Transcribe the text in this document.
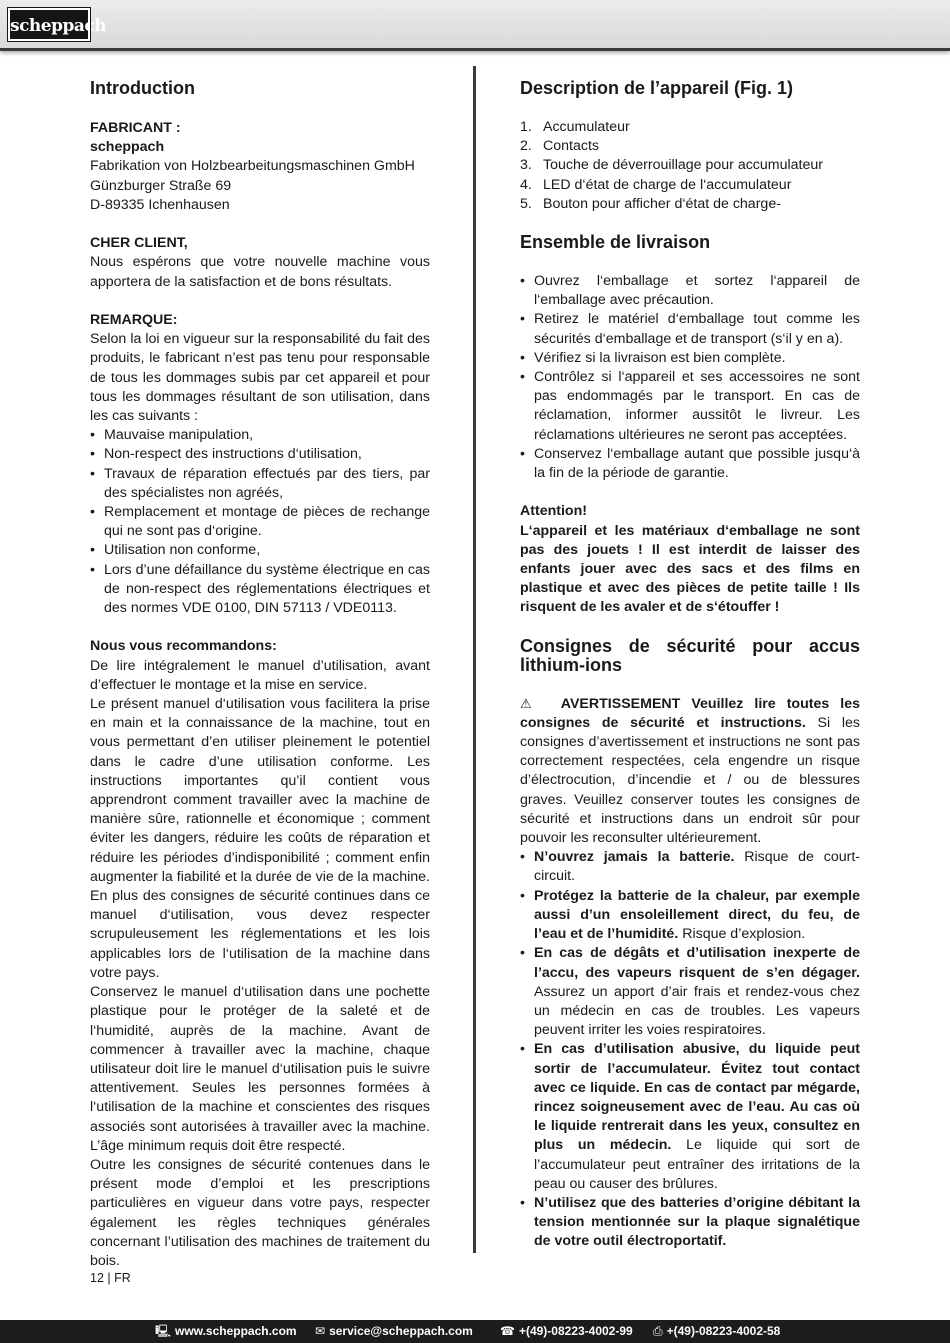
scheppach
Introduction

FABRICANT :

scheppach

Fabrikation von Holzbearbeitungsmaschinen GmbH

Günzburger Straße 69

D-89335 Ichenhausen

CHER CLIENT,

Nous espérons que votre nouvelle machine vous apportera de la satisfaction et de bons résultats.

REMARQUE:

Selon la loi en vigueur sur la responsabilité du fait des produits, le fabricant n’est pas tenu pour responsable de tous les dommages subis par cet appareil et pour tous les dommages résultant de son utilisation, dans les cas suivants :

• Mauvaise manipulation,
• Non-respect des instructions d‘utilisation,
• Travaux de réparation effectués par des tiers, par des spécialistes non agréés,
• Remplacement et montage de pièces de rechange qui ne sont pas d‘origine.
• Utilisation non conforme,
• Lors d’une défaillance du système électrique en cas de non-respect des réglementations électriques et des normes VDE 0100, DIN 57113 / VDE0113.

Nous vous recommandons:

De lire intégralement le manuel d’utilisation, avant d’effectuer le montage et la mise en service.

Le présent manuel d‘utilisation vous facilitera la prise en main et la connaissance de la machine, tout en vous permettant d’en utiliser pleinement le potentiel dans le cadre d’une utilisation conforme. Les instructions importantes qu’il contient vous apprendront comment travailler avec la machine de manière sûre, rationnelle et économique ; comment éviter les dangers, réduire les coûts de réparation et réduire les périodes d’indisponibilité ; comment enfin augmenter la fiabilité et la durée de vie de la machine. En plus des consignes de sécurité continues dans ce manuel d‘utilisation, vous devez respecter scrupuleusement les réglementations et les lois applicables lors de l‘utilisation de la machine dans votre pays.

Conservez le manuel d‘utilisation dans une pochette plastique pour le protéger de la saleté et de l‘humidité, auprès de la machine. Avant de commencer à travailler avec la machine, chaque utilisateur doit lire le manuel d‘utilisation puis le suivre attentivement. Seules les personnes formées à l‘utilisation de la machine et conscientes des risques associés sont autorisées à travailler avec la machine. L’âge minimum requis doit être respecté.

Outre les consignes de sécurité contenues dans le présent mode d’emploi et les prescriptions particulières en vigueur dans votre pays, respecter également les règles techniques générales concernant l’utilisation des machines de traitement du bois.

Description de l’appareil (Fig. 1)
1. Accumulateur
2. Contacts
3. Touche de déverrouillage pour accumulateur
4. LED d‘état de charge de l‘accumulateur
5. Bouton pour afficher d‘état de charge-
Ensemble de livraison
• Ouvrez l‘emballage et sortez l‘appareil de l‘emballage avec précaution.
• Retirez le matériel d‘emballage tout comme les sécurités d‘emballage et de transport (s‘il y en a).
• Vérifiez si la livraison est bien complète.
• Contrôlez si l‘appareil et ses accessoires ne sont pas endommagés par le transport. En cas de réclamation, informer aussitôt le livreur. Les réclamations ultérieures ne seront pas acceptées.
• Conservez l‘emballage autant que possible jusqu‘à la fin de la période de garantie.

Attention!

L‘appareil et les matériaux d‘emballage ne sont pas des jouets ! Il est interdit de laisser des enfants jouer avec des sacs et des films en plastique et avec des pièces de petite taille ! Ils risquent de les avaler et de s‘étouffer !

Consignes de sécurité pour accus lithium-ions

⚠ AVERTISSEMENT Veuillez lire toutes les consignes de sécurité et instructions. Si les consignes d’avertissement et instructions ne sont pas correctement respectées, cela engendre un risque d’électrocution, d’incendie et / ou de blessures graves. Veuillez conserver toutes les consignes de sécurité et instructions dans un endroit sûr pour pouvoir les reconsulter ultérieurement.

• N’ouvrez jamais la batterie. Risque de court-circuit.
• Protégez la batterie de la chaleur, par exemple aussi d’un ensoleillement direct, du feu, de l’eau et de l’humidité. Risque d’explosion.
• En cas de dégâts et d’utilisation inexperte de l’accu, des vapeurs risquent de s’en dégager. Assurez un apport d’air frais et rendez-vous chez un médecin en cas de troubles. Les vapeurs peuvent irriter les voies respiratoires.
• En cas d’utilisation abusive, du liquide peut sortir de l’accumulateur. Évitez tout contact avec ce liquide. En cas de contact par mégarde, rincez soigneusement avec de l’eau. Au cas où le liquide rentrerait dans les yeux, consultez en plus un médecin. Le liquide qui sort de l’accumulateur peut entraîner des irritations de la peau ou causer des brûlures.
• N’utilisez que des batteries d’origine débitant la tension mentionnée sur la plaque signalétique de votre outil électroportatif.
12 | FR
🖳 www.scheppach.com ✉ service@scheppach.com ☎ +(49)-08223-4002-99 ⎙ +(49)-08223-4002-58
